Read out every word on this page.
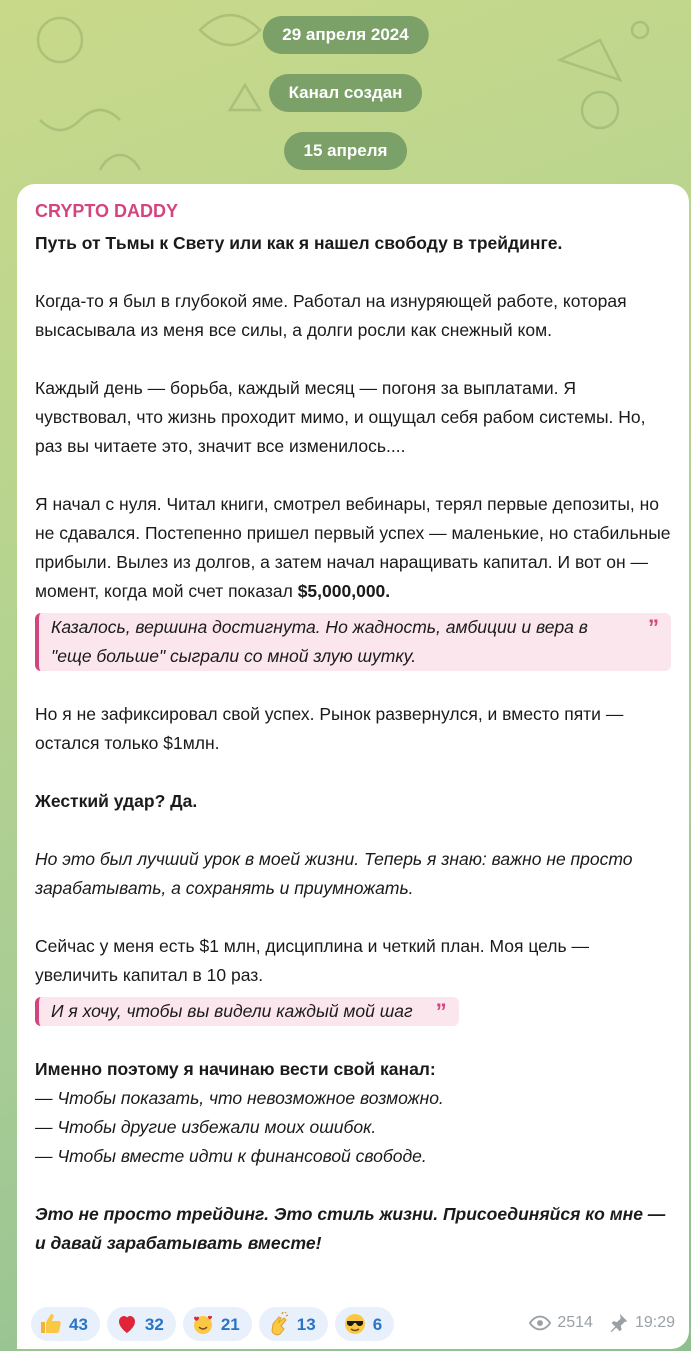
29 апреля 2024
Канал создан
15 апреля
CRYPTO DADDY

Путь от Тьмы к Свету или как я нашел свободу в трейдинге.

Когда-то я был в глубокой яме. Работал на изнуряющей работе, которая высасывала из меня все силы, а долги росли как снежный ком.

Каждый день — борьба, каждый месяц — погоня за выплатами. Я чувствовал, что жизнь проходит мимо, и ощущал себя рабом системы. Но, раз вы читаете это, значит все изменилось....

Я начал с нуля. Читал книги, смотрел вебинары, терял первые депозиты, но не сдавался. Постепенно пришел первый успех — маленькие, но стабильные прибыли. Вылез из долгов, а затем начал наращивать капитал. И вот он — момент, когда мой счет показал $5,000,000.

Казалось, вершина достигнута. Но жадность, амбиции и вера в "еще больше" сыграли со мной злую шутку.
”

Но я не зафиксировал свой успех. Рынок развернулся, и вместо пяти — остался только $1млн.

Жесткий удар? Да.

Но это был лучший урок в моей жизни. Теперь я знаю: важно не просто зарабатывать, а сохранять и приумножать.

Сейчас у меня есть $1 млн, дисциплина и четкий план. Моя цель — увеличить капитал в 10 раз.

И я хочу, чтобы вы видели каждый мой шаг ”

Именно поэтому я начинаю вести свой канал:

— Чтобы показать, что невозможное возможно.

— Чтобы другие избежали моих ошибок.

— Чтобы вместе идти к финансовой свободе.

Это не просто трейдинг. Это стиль жизни. Присоединяйся ко мне — и давай зарабатывать вместе!

43	32	21	13	6	2514	19:29
